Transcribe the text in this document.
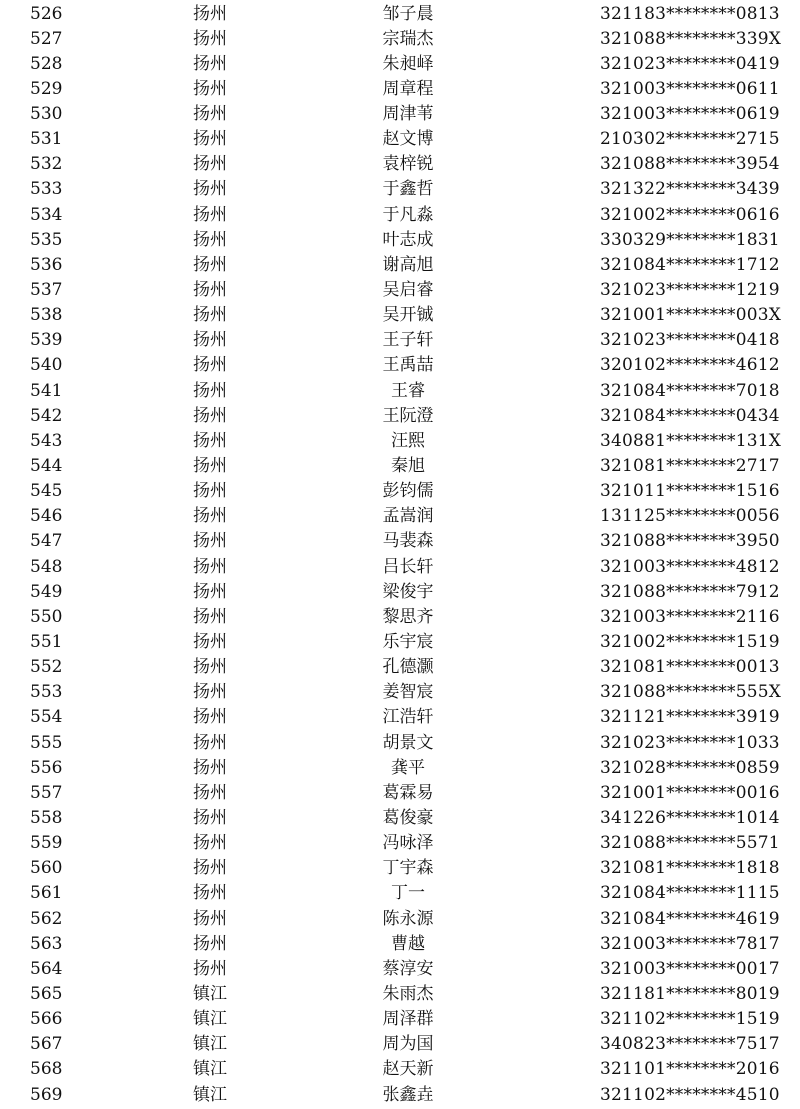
526	扬州	邹子晨	321183********0813
527	扬州	宗瑞杰	321088********339X
528	扬州	朱昶峄	321023********0419
529	扬州	周章程	321003********0611
530	扬州	周津苇	321003********0619
531	扬州	赵文博	210302********2715
532	扬州	袁梓锐	321088********3954
533	扬州	于鑫哲	321322********3439
534	扬州	于凡淼	321002********0616
535	扬州	叶志成	330329********1831
536	扬州	谢高旭	321084********1712
537	扬州	吴启睿	321023********1219
538	扬州	吴开铖	321001********003X
539	扬州	王子轩	321023********0418
540	扬州	王禹喆	320102********4612
541	扬州	王睿	321084********7018
542	扬州	王阮澄	321084********0434
543	扬州	汪熙	340881********131X
544	扬州	秦旭	321081********2717
545	扬州	彭钧儒	321011********1516
546	扬州	孟嵩润	131125********0056
547	扬州	马裴森	321088********3950
548	扬州	吕长轩	321003********4812
549	扬州	梁俊宇	321088********7912
550	扬州	黎思齐	321003********2116
551	扬州	乐宇宸	321002********1519
552	扬州	孔德灏	321081********0013
553	扬州	姜智宸	321088********555X
554	扬州	江浩轩	321121********3919
555	扬州	胡景文	321023********1033
556	扬州	龚平	321028********0859
557	扬州	葛霖易	321001********0016
558	扬州	葛俊豪	341226********1014
559	扬州	冯咏泽	321088********5571
560	扬州	丁宇森	321081********1818
561	扬州	丁一	321084********1115
562	扬州	陈永源	321084********4619
563	扬州	曹越	321003********7817
564	扬州	蔡淳安	321003********0017
565	镇江	朱雨杰	321181********8019
566	镇江	周泽群	321102********1519
567	镇江	周为国	340823********7517
568	镇江	赵天新	321101********2016
569	镇江	张鑫垚	321102********4510
